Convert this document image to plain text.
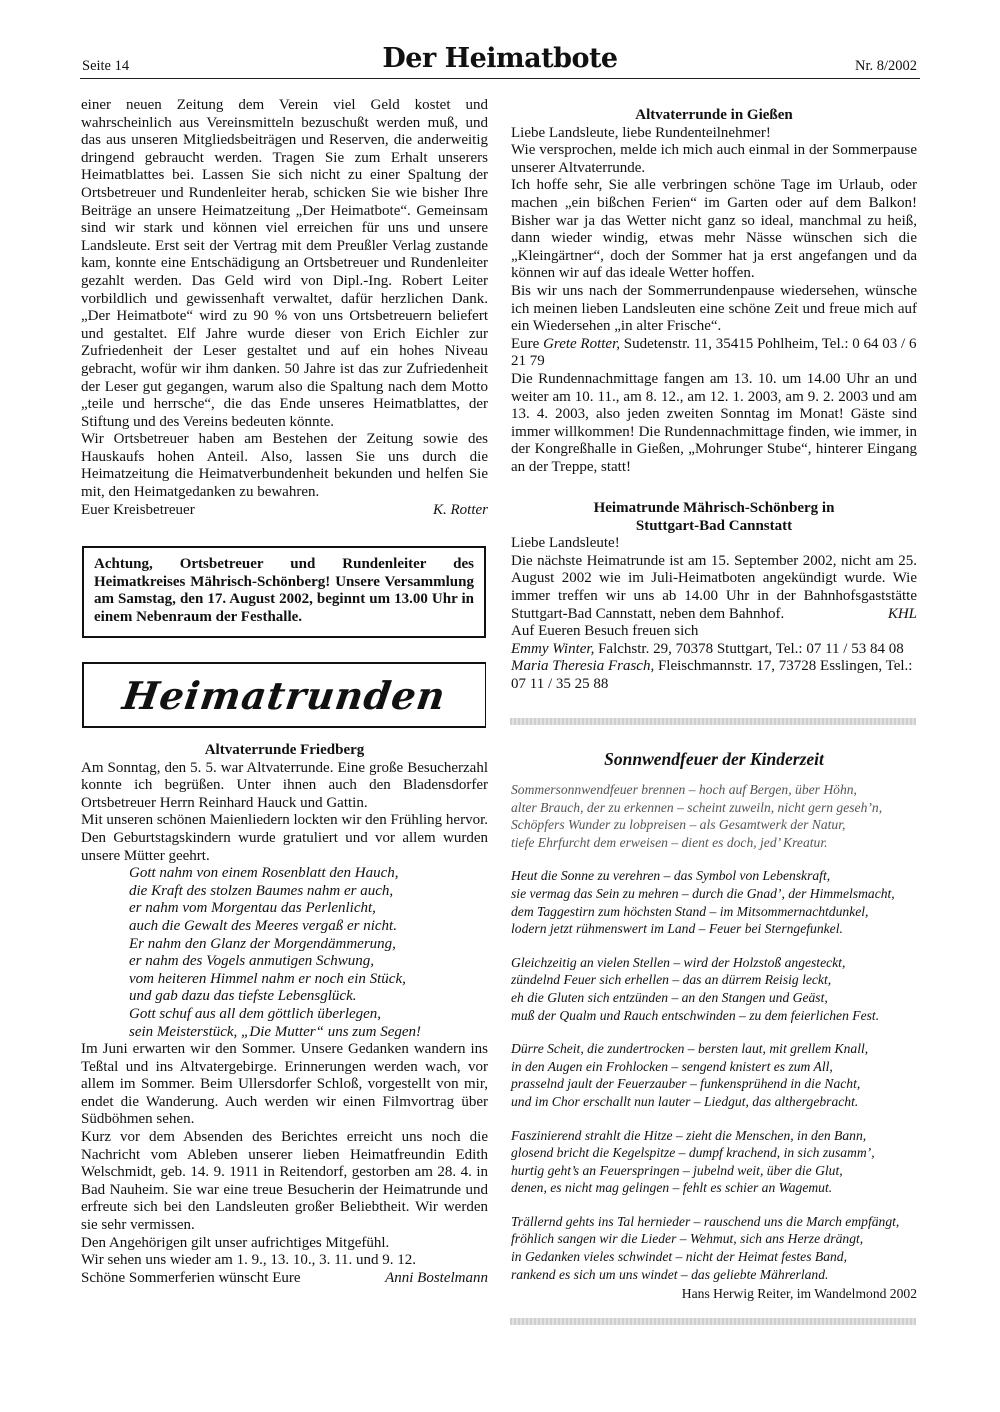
Seite 14	Der Heimatbote	Nr. 8/2002

einer neuen Zeitung dem Verein viel Geld kostet und wahrscheinlich aus Vereinsmitteln bezuschußt werden muß, und das aus unseren Mitgliedsbeiträgen und Reserven, die anderweitig dringend gebraucht werden. Tragen Sie zum Erhalt unserers Heimatblattes bei. Lassen Sie sich nicht zu einer Spaltung der Ortsbetreuer und Rundenleiter herab, schicken Sie wie bisher Ihre Beiträge an unsere Heimatzeitung „Der Heimatbote“. Gemeinsam sind wir stark und können viel erreichen für uns und unsere Landsleute. Erst seit der Vertrag mit dem Preußler Verlag zustande kam, konnte eine Entschädigung an Ortsbetreuer und Rundenleiter gezahlt werden. Das Geld wird von Dipl.-Ing. Robert Leiter vorbildlich und gewissenhaft verwaltet, dafür herzlichen Dank. „Der Heimatbote“ wird zu 90 % von uns Ortsbetreuern beliefert und gestaltet. Elf Jahre wurde dieser von Erich Eichler zur Zufriedenheit der Leser gestaltet und auf ein hohes Niveau gebracht, wofür wir ihm danken. 50 Jahre ist das zur Zufriedenheit der Leser gut gegangen, warum also die Spaltung nach dem Motto „teile und herrsche“, die das Ende unseres Heimatblattes, der Stiftung und des Vereins bedeuten könnte.

Wir Ortsbetreuer haben am Bestehen der Zeitung sowie des Hauskaufs hohen Anteil. Also, lassen Sie uns durch die Heimatzeitung die Heimatverbundenheit bekunden und helfen Sie mit, den Heimatgedanken zu bewahren.

Euer Kreisbetreuer	K. Rotter
Achtung, Ortsbetreuer und Rundenleiter des Heimatkreises Mährisch-Schönberg! Unsere Versammlung am Samstag, den 17. August 2002, beginnt um 13.00 Uhr in einem Nebenraum der Festhalle.
Heimatrunden
Altvaterrunde Friedberg

Am Sonntag, den 5. 5. war Altvaterrunde. Eine große Besucherzahl konnte ich begrüßen. Unter ihnen auch den Bladensdorfer Ortsbetreuer Herrn Reinhard Hauck und Gattin.

Mit unseren schönen Maienliedern lockten wir den Frühling hervor.

Den Geburtstagskindern wurde gratuliert und vor allem wurden unsere Mütter geehrt.

Gott nahm von einem Rosenblatt den Hauch,
die Kraft des stolzen Baumes nahm er auch,
er nahm vom Morgentau das Perlenlicht,
auch die Gewalt des Meeres vergaß er nicht.
Er nahm den Glanz der Morgendämmerung,
er nahm des Vogels anmutigen Schwung,
vom heiteren Himmel nahm er noch ein Stück,
und gab dazu das tiefste Lebensglück.
Gott schuf aus all dem göttlich überlegen,
sein Meisterstück, „Die Mutter“ uns zum Segen!

Im Juni erwarten wir den Sommer. Unsere Gedanken wandern ins Teßtal und ins Altvatergebirge. Erinnerungen werden wach, vor allem im Sommer. Beim Ullersdorfer Schloß, vorgestellt von mir, endet die Wanderung. Auch werden wir einen Filmvortrag über Südböhmen sehen.

Kurz vor dem Absenden des Berichtes erreicht uns noch die Nachricht vom Ableben unserer lieben Heimatfreundin Edith Welschmidt, geb. 14. 9. 1911 in Reitendorf, gestorben am 28. 4. in Bad Nauheim. Sie war eine treue Besucherin der Heimatrunde und erfreute sich bei den Landsleuten großer Beliebtheit. Wir werden sie sehr vermissen.

Den Angehörigen gilt unser aufrichtiges Mitgefühl.

Wir sehen uns wieder am 1. 9., 13. 10., 3. 11. und 9. 12.

Schöne Sommerferien wünscht Eure	Anni Bostelmann
Altvaterrunde in Gießen

Liebe Landsleute, liebe Rundenteilnehmer!

Wie versprochen, melde ich mich auch einmal in der Sommerpause unserer Altvaterrunde.

Ich hoffe sehr, Sie alle verbringen schöne Tage im Urlaub, oder machen „ein bißchen Ferien“ im Garten oder auf dem Balkon! Bisher war ja das Wetter nicht ganz so ideal, manchmal zu heiß, dann wieder windig, etwas mehr Nässe wünschen sich die „Kleingärtner“, doch der Sommer hat ja erst angefangen und da können wir auf das ideale Wetter hoffen.

Bis wir uns nach der Sommerrundenpause wiedersehen, wünsche ich meinen lieben Landsleuten eine schöne Zeit und freue mich auf ein Wiedersehen „in alter Frische“.

Eure Grete Rotter, Sudetenstr. 11, 35415 Pohlheim, Tel.: 0 64 03 / 6 21 79

Die Rundennachmittage fangen am 13. 10. um 14.00 Uhr an und weiter am 10. 11., am 8. 12., am 12. 1. 2003, am 9. 2. 2003 und am 13. 4. 2003, also jeden zweiten Sonntag im Monat! Gäste sind immer willkommen! Die Rundennachmittage finden, wie immer, in der Kongreßhalle in Gießen, „Mohrunger Stube“, hinterer Eingang an der Treppe, statt!

Heimatrunde Mährisch-Schönberg in
Stuttgart-Bad Cannstatt

Liebe Landsleute!

Die nächste Heimatrunde ist am 15. September 2002, nicht am 25. August 2002 wie im Juli-Heimatboten angekündigt wurde. Wie immer treffen wir uns ab 14.00 Uhr in der Bahnhofsgaststätte Stuttgart-Bad Cannstatt, neben dem Bahnhof.	KHL

Auf Eueren Besuch freuen sich

Emmy Winter, Falchstr. 29, 70378 Stuttgart, Tel.: 07 11 / 53 84 08

Maria Theresia Frasch, Fleischmannstr. 17, 73728 Esslingen, Tel.: 07 11 / 35 25 88

Sonnwendfeuer der Kinderzeit
Sommersonnwendfeuer brennen – hoch auf Bergen, über Höhn,
alter Brauch, der zu erkennen – scheint zuweiln, nicht gern geseh’n,
Schöpfers Wunder zu lobpreisen – als Gesamtwerk der Natur,
tiefe Ehrfurcht dem erweisen – dient es doch, jed’ Kreatur.
Heut die Sonne zu verehren – das Symbol von Lebenskraft,
sie vermag das Sein zu mehren – durch die Gnad’, der Himmelsmacht,
dem Taggestirn zum höchsten Stand – im Mitsommernachtdunkel,
lodern jetzt rühmenswert im Land – Feuer bei Sterngefunkel.
Gleichzeitig an vielen Stellen – wird der Holzstoß angesteckt,
zündelnd Feuer sich erhellen – das an dürrem Reisig leckt,
eh die Gluten sich entzünden – an den Stangen und Geäst,
muß der Qualm und Rauch entschwinden – zu dem feierlichen Fest.
Dürre Scheit, die zundertrocken – bersten laut, mit grellem Knall,
in den Augen ein Frohlocken – sengend knistert es zum All,
prasselnd jault der Feuerzauber – funkensprühend in die Nacht,
und im Chor erschallt nun lauter – Liedgut, das althergebracht.
Faszinierend strahlt die Hitze – zieht die Menschen, in den Bann,
glosend bricht die Kegelspitze – dumpf krachend, in sich zusamm’,
hurtig geht’s an Feuerspringen – jubelnd weit, über die Glut,
denen, es nicht mag gelingen – fehlt es schier an Wagemut.
Trällernd gehts ins Tal hernieder – rauschend uns die March empfängt,
fröhlich sangen wir die Lieder – Wehmut, sich ans Herze drängt,
in Gedanken vieles schwindet – nicht der Heimat festes Band,
rankend es sich um uns windet – das geliebte Mährerland.
Hans Herwig Reiter, im Wandelmond 2002
